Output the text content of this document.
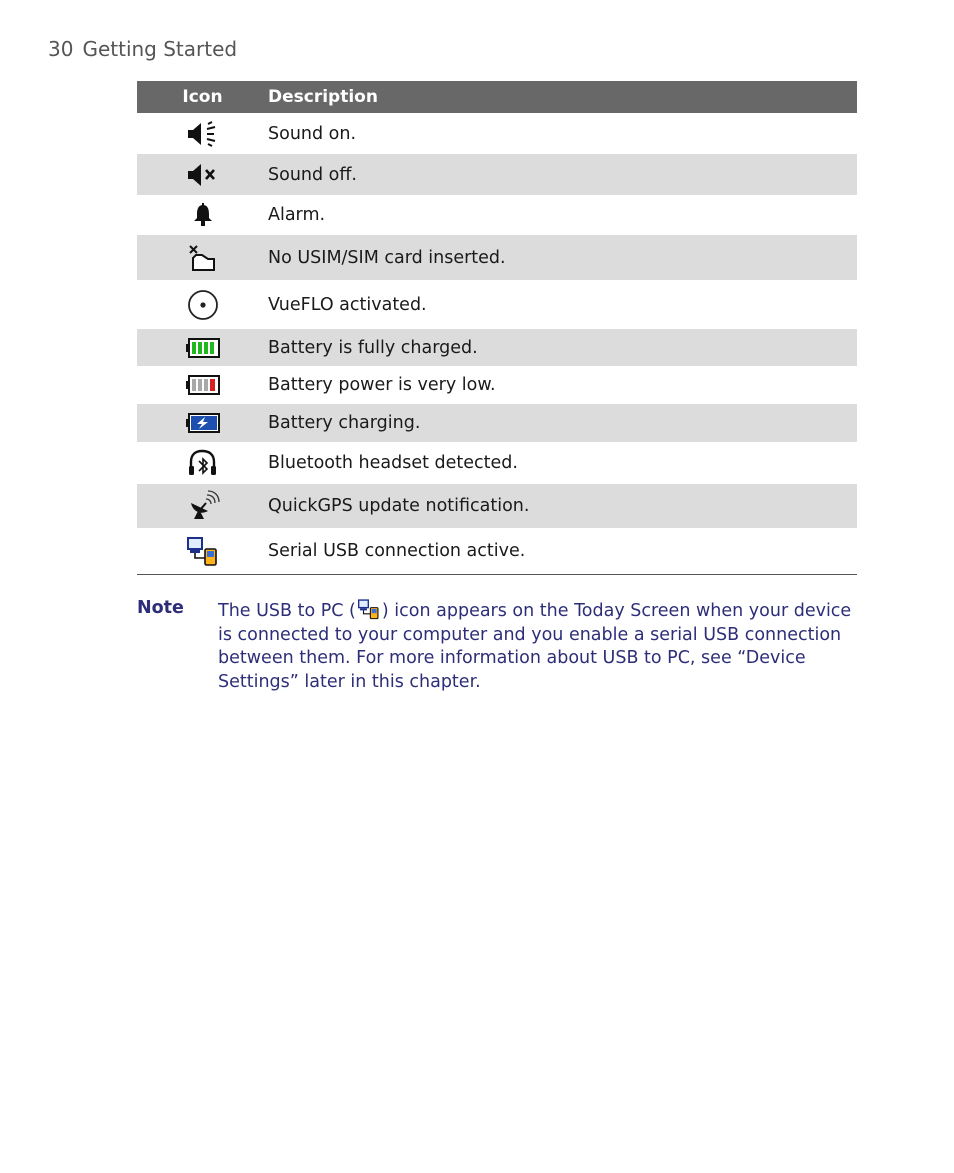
30 Getting Started
Icon	Description
	Sound on.
	Sound off.
	Alarm.
	No USIM/SIM card inserted.
	VueFLO activated.
	Battery is fully charged.
	Battery power is very low.
	Battery charging.
	Bluetooth headset detected.
	QuickGPS update notification.
	Serial USB connection active.
Note The USB to PC ( ) icon appears on the Today Screen when your device is connected to your computer and you enable a serial USB connection between them. For more information about USB to PC, see “Device Settings” later in this chapter.
